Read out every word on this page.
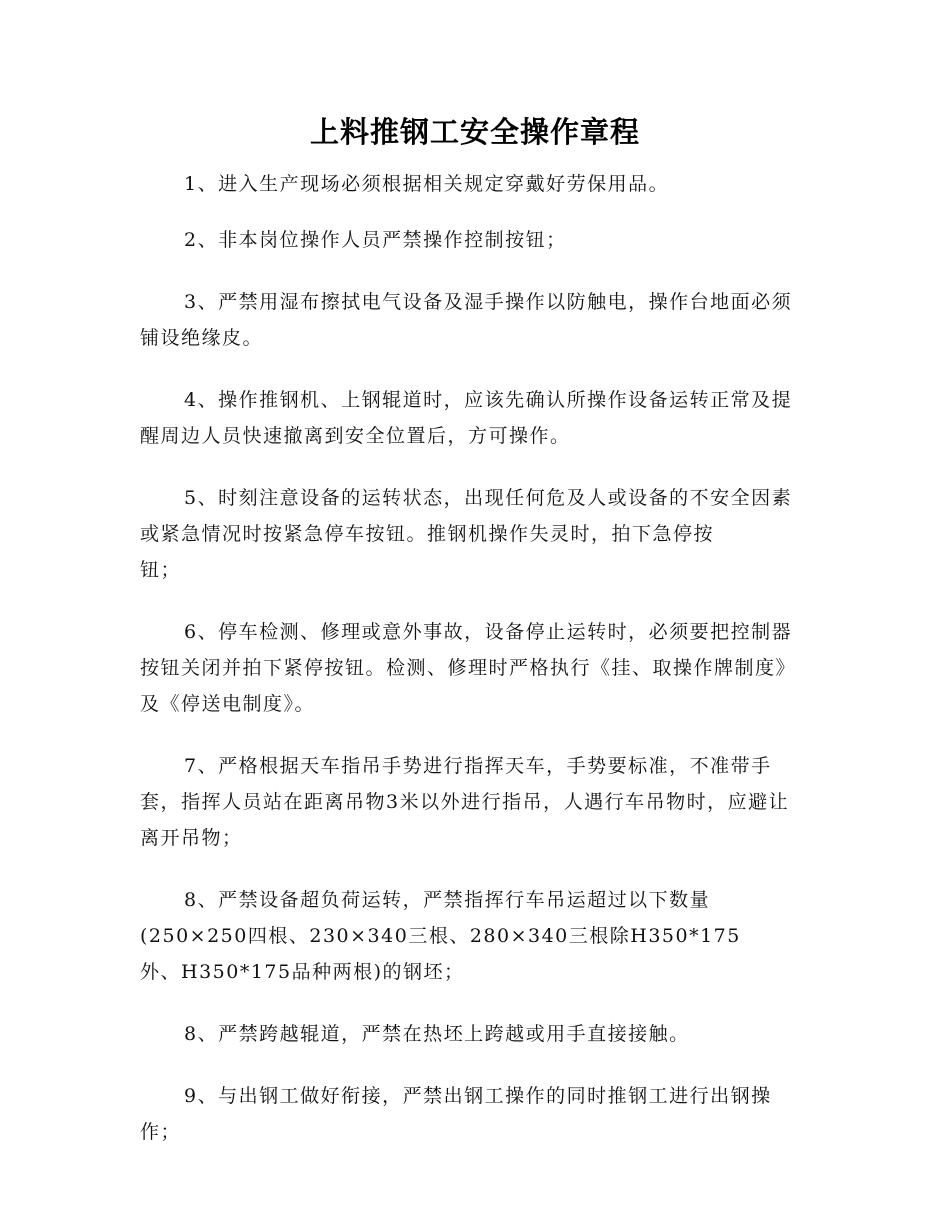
上料推钢工安全操作章程

1、进入生产现场必须根据相关规定穿戴好劳保用品。

2、非本岗位操作人员严禁操作控制按钮；

3、严禁用湿布擦拭电气设备及湿手操作以防触电，操作台地面必须铺设绝缘皮。

4、操作推钢机、上钢辊道时，应该先确认所操作设备运转正常及提醒周边人员快速撤离到安全位置后，方可操作。

5、时刻注意设备的运转状态，出现任何危及人或设备的不安全因素或紧急情况时按紧急停车按钮。推钢机操作失灵时，拍下急停按
钮；

6、停车检测、修理或意外事故，设备停止运转时，必须要把控制器按钮关闭并拍下紧停按钮。检测、修理时严格执行《挂、取操作牌制度》及《停送电制度》。

7、严格根据天车指吊手势进行指挥天车，手势要标准，不准带手套，指挥人员站在距离吊物3米以外进行指吊，人遇行车吊物时，应避让离开吊物；

8、严禁设备超负荷运转，严禁指挥行车吊运超过以下数量
(250×250四根、230×340三根、280×340三根除H350*175
外、H350*175品种两根)的钢坯；

8、严禁跨越辊道，严禁在热坯上跨越或用手直接接触。

9、与出钢工做好衔接，严禁出钢工操作的同时推钢工进行出钢操作；
